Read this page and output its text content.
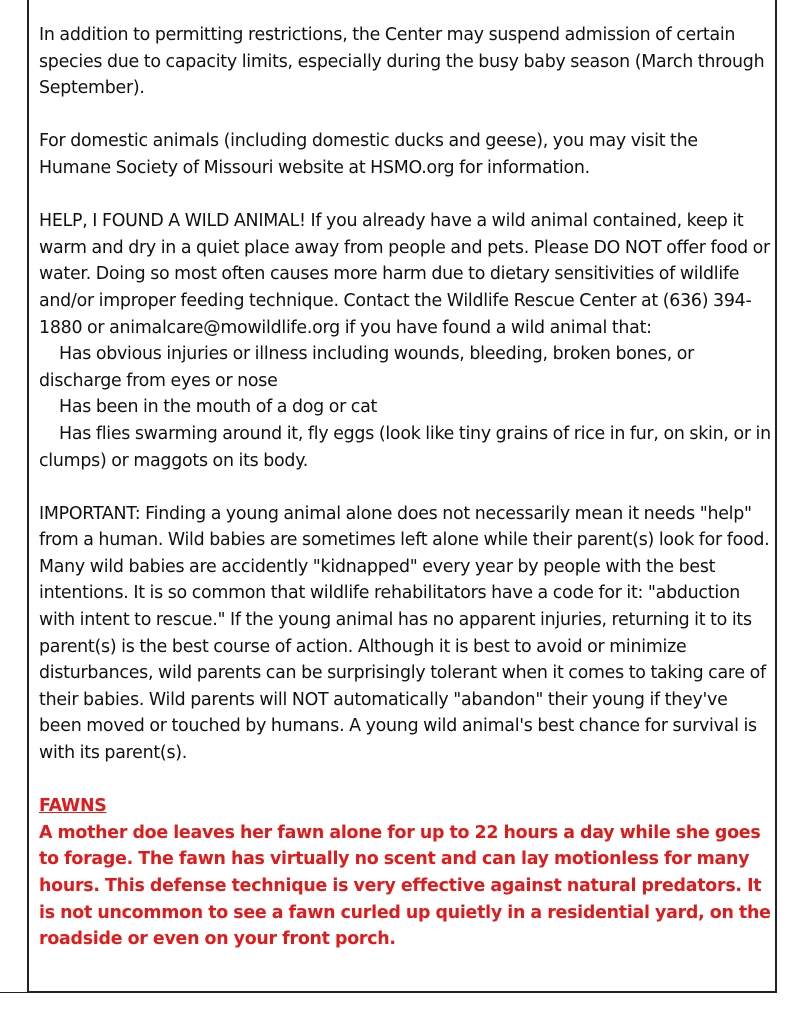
In addition to permitting restrictions, the Center may suspend admission of certain species due to capacity limits, especially during the busy baby season (March through September).

For domestic animals (including domestic ducks and geese), you may visit the Humane Society of Missouri website at HSMO.org for information.

HELP, I FOUND A WILD ANIMAL! If you already have a wild animal contained, keep it warm and dry in a quiet place away from people and pets. Please DO NOT offer food or water. Doing so most often causes more harm due to dietary sensitivities of wildlife and/or improper feeding technique. Contact the Wildlife Rescue Center at (636) 394-1880 or animalcare@mowildlife.org if you have found a wild animal that:

Has obvious injuries or illness including wounds, bleeding, broken bones, or discharge from eyes or nose

Has been in the mouth of a dog or cat

Has flies swarming around it, fly eggs (look like tiny grains of rice in fur, on skin, or in clumps) or maggots on its body.

IMPORTANT: Finding a young animal alone does not necessarily mean it needs "help" from a human. Wild babies are sometimes left alone while their parent(s) look for food. Many wild babies are accidently "kidnapped" every year by people with the best intentions. It is so common that wildlife rehabilitators have a code for it: "abduction with intent to rescue." If the young animal has no apparent injuries, returning it to its parent(s) is the best course of action. Although it is best to avoid or minimize disturbances, wild parents can be surprisingly tolerant when it comes to taking care of their babies. Wild parents will NOT automatically "abandon" their young if they've been moved or touched by humans. A young wild animal's best chance for survival is with its parent(s).

FAWNS

A mother doe leaves her fawn alone for up to 22 hours a day while she goes to forage. The fawn has virtually no scent and can lay motionless for many hours. This defense technique is very effective against natural predators. It is not uncommon to see a fawn curled up quietly in a residential yard, on the roadside or even on your front porch.
